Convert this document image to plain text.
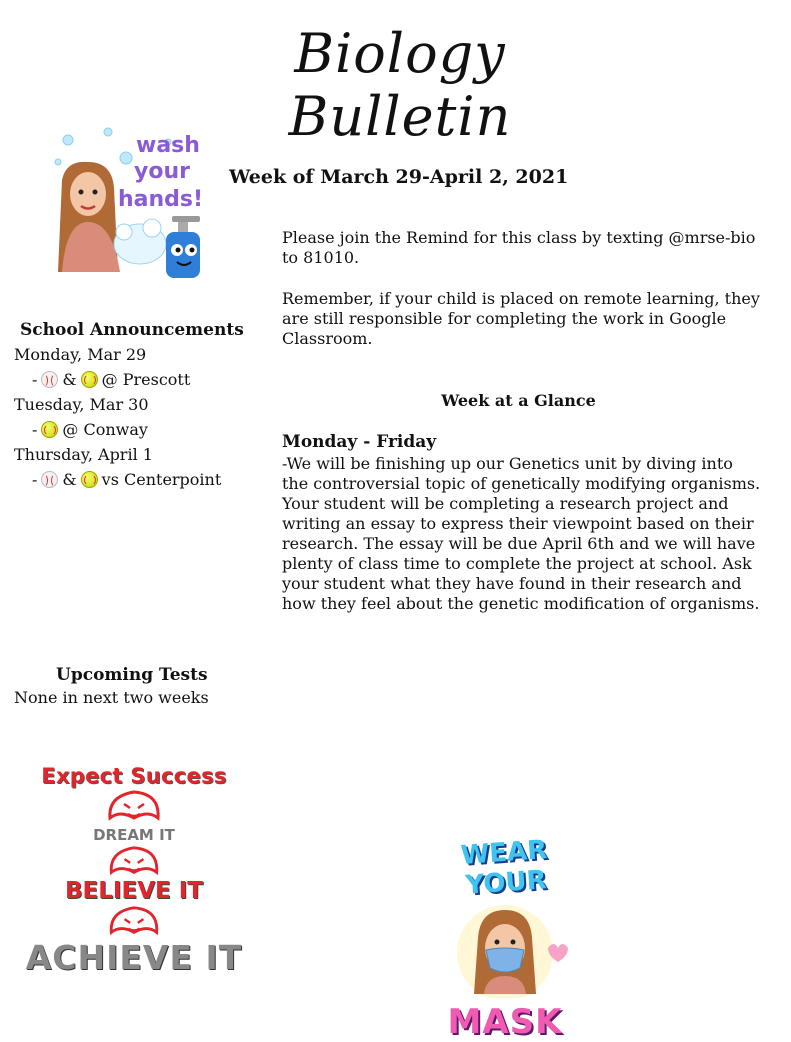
Biology Bulletin
wash
your
hands!
Week of March 29-April 2, 2021
Please join the Remind for this class by texting @mrse-bio to 81010.
Remember, if your child is placed on remote learning, they are still responsible for completing the work in Google Classroom.
Week at a Glance
Monday - Friday
-We will be finishing up our Genetics unit by diving into the controversial topic of genetically modifying organisms. Your student will be completing a research project and writing an essay to express their viewpoint based on their research. The essay will be due April 6th and we will have plenty of class time to complete the project at school. Ask your student what they have found in their research and how they feel about the genetic modification of organisms.
School Announcements
Monday, Mar 29
- & @ Prescott
Tuesday, Mar 30
- @ Conway
Thursday, April 1
- & vs Centerpoint
Upcoming Tests
None in next two weeks
Expect Success
DREAM IT
BELIEVE IT
ACHIEVE IT
WEAR YOUR
MASK
